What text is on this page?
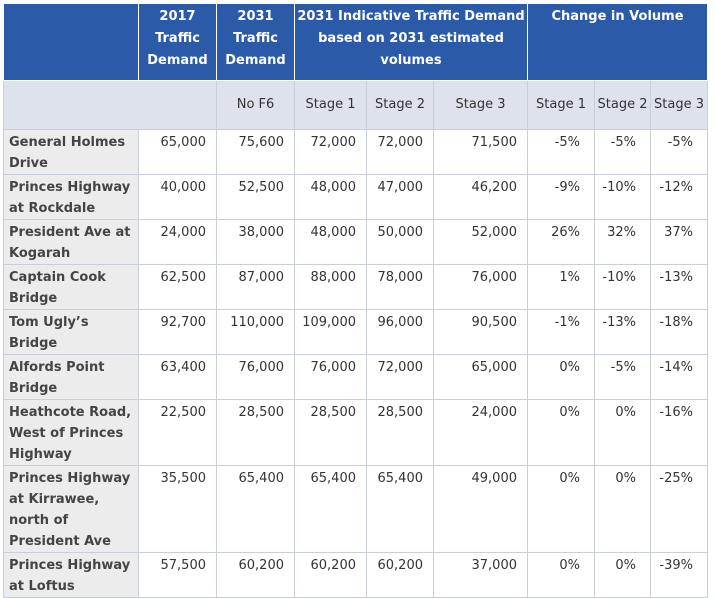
	2017 Traffic Demand	2031 Traffic Demand	2031 Indicative Traffic Demand based on 2031 estimated volumes			Change in Volume		
		No F6	Stage 1	Stage 2	Stage 3	Stage 1	Stage 2	Stage 3
General Holmes Drive	65,000	75,600	72,000	72,000	71,500	-5%	-5%	-5%
Princes Highway at Rockdale	40,000	52,500	48,000	47,000	46,200	-9%	-10%	-12%
President Ave at Kogarah	24,000	38,000	48,000	50,000	52,000	26%	32%	37%
Captain Cook Bridge	62,500	87,000	88,000	78,000	76,000	1%	-10%	-13%
Tom Ugly’s Bridge	92,700	110,000	109,000	96,000	90,500	-1%	-13%	-18%
Alfords Point Bridge	63,400	76,000	76,000	72,000	65,000	0%	-5%	-14%
Heathcote Road, West of Princes Highway	22,500	28,500	28,500	28,500	24,000	0%	0%	-16%
Princes Highway at Kirrawee, north of President Ave	35,500	65,400	65,400	65,400	49,000	0%	0%	-25%
Princes Highway at Loftus	57,500	60,200	60,200	60,200	37,000	0%	0%	-39%
